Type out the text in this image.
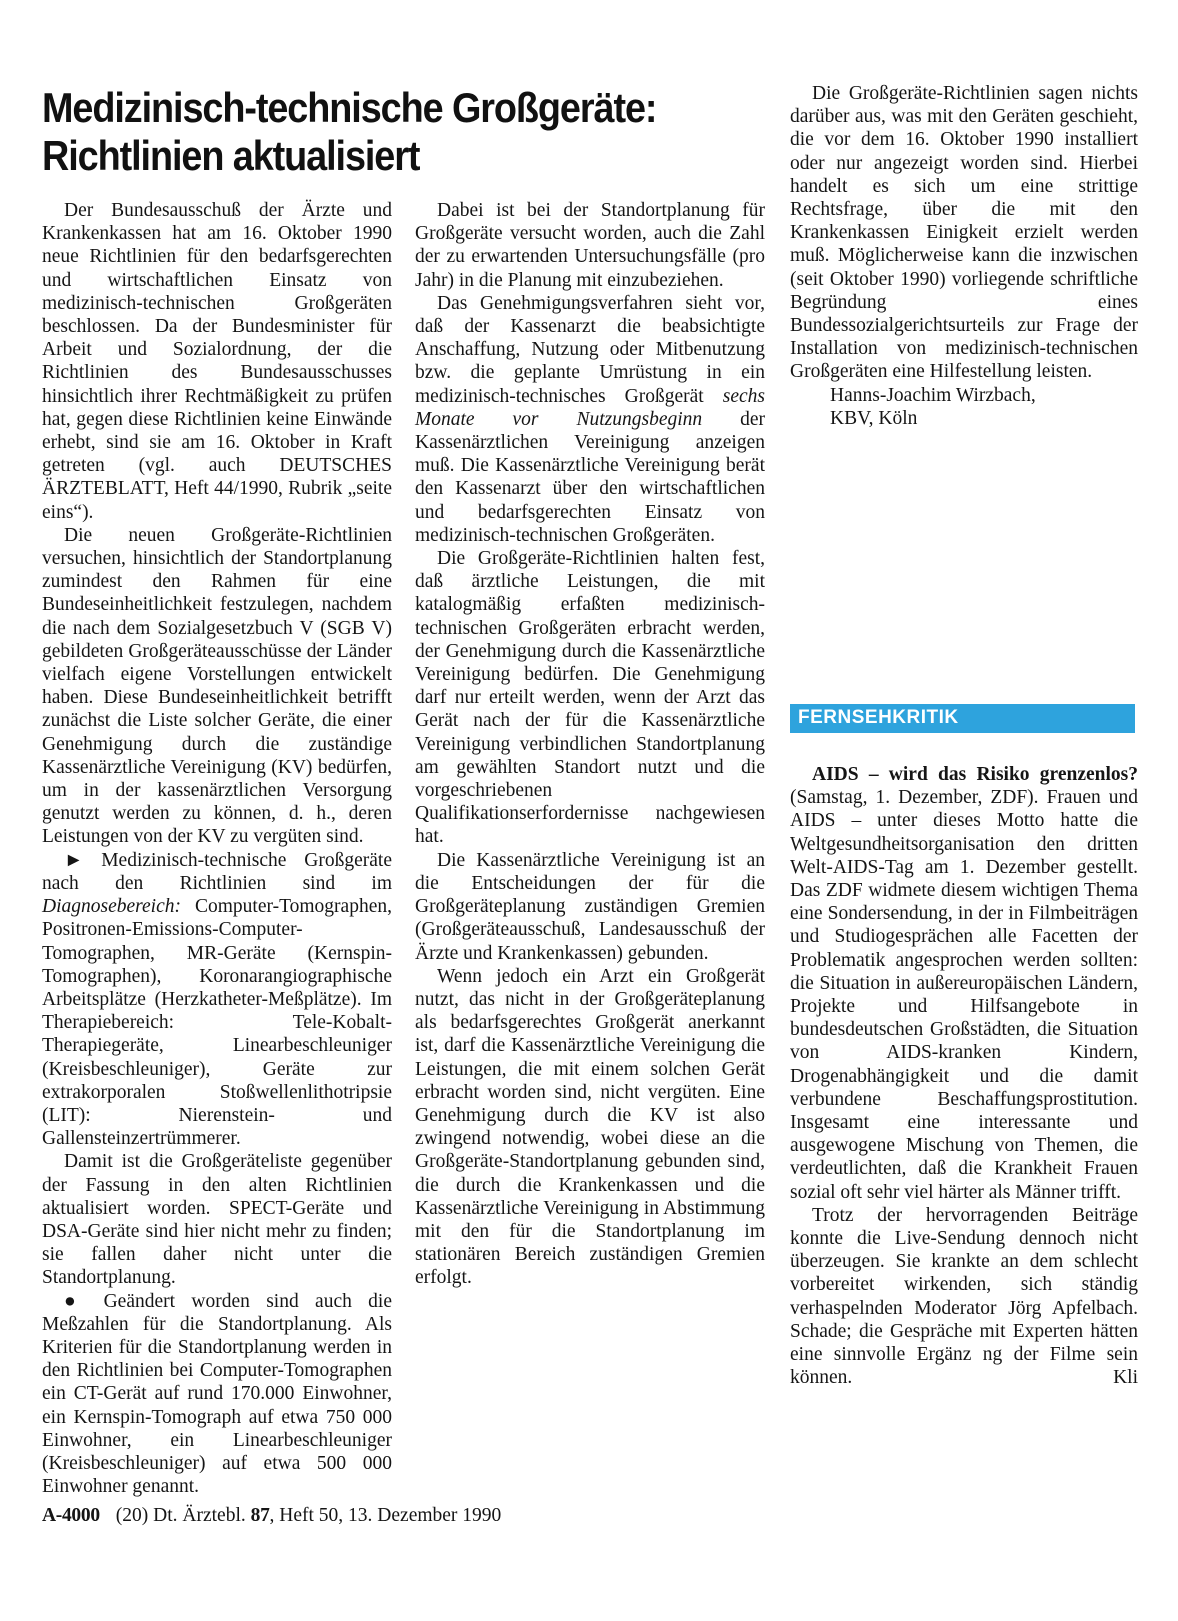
Medizinisch-technische Großgeräte:
Richtlinien aktualisiert

Der Bundesausschuß der Ärzte und Krankenkassen hat am 16. Oktober 1990 neue Richtlinien für den bedarfsgerechten und wirtschaftlichen Einsatz von medizinisch-technischen Großgeräten beschlossen. Da der Bundesminister für Arbeit und Sozialordnung, der die Richtlinien des Bundesausschusses hinsichtlich ihrer Rechtmäßigkeit zu prüfen hat, gegen diese Richtlinien keine Einwände erhebt, sind sie am 16. Oktober in Kraft getreten (vgl. auch DEUTSCHES ÄRZTEBLATT, Heft 44/1990, Rubrik „seite eins“).

Die neuen Großgeräte-Richtlinien versuchen, hinsichtlich der Standortplanung zumindest den Rahmen für eine Bundeseinheitlichkeit festzulegen, nachdem die nach dem Sozialgesetzbuch V (SGB V) gebildeten Großgeräteausschüsse der Länder vielfach eigene Vorstellungen entwickelt haben. Diese Bundeseinheitlichkeit betrifft zunächst die Liste solcher Geräte, die einer Genehmigung durch die zuständige Kassenärztliche Vereinigung (KV) bedürfen, um in der kassenärztlichen Versorgung genutzt werden zu können, d. h., deren Leistungen von der KV zu vergüten sind.

► Medizinisch-technische Großgeräte nach den Richtlinien sind im Diagnosebereich: Computer-Tomographen, Positronen-Emissions-Computer-Tomographen, MR-Geräte (Kernspin-Tomographen), Koronarangiographische Arbeitsplätze (Herzkatheter-Meßplätze). Im Therapiebereich: Tele-Kobalt-Therapiegeräte, Linearbeschleuniger (Kreisbeschleuniger), Geräte zur extrakorporalen Stoßwellenlithotripsie (LIT): Nierenstein- und Gallensteinzertrümmerer.

Damit ist die Großgeräteliste gegenüber der Fassung in den alten Richtlinien aktualisiert worden. SPECT-Geräte und DSA-Geräte sind hier nicht mehr zu finden; sie fallen daher nicht unter die Standortplanung.

● Geändert worden sind auch die Meßzahlen für die Standortplanung. Als Kriterien für die Standortplanung werden in den Richtlinien bei Computer-Tomographen ein CT-Gerät auf rund 170.000 Einwohner, ein Kernspin-Tomograph auf etwa 750 000 Einwohner, ein Linearbeschleuniger (Kreisbeschleuniger) auf etwa 500 000 Einwohner genannt.

Dabei ist bei der Standortplanung für Großgeräte versucht worden, auch die Zahl der zu erwartenden Untersuchungsfälle (pro Jahr) in die Planung mit einzubeziehen.

Das Genehmigungsverfahren sieht vor, daß der Kassenarzt die beabsichtigte Anschaffung, Nutzung oder Mitbenutzung bzw. die geplante Umrüstung in ein medizinisch-technisches Großgerät sechs Monate vor Nutzungsbeginn der Kassenärztlichen Vereinigung anzeigen muß. Die Kassenärztliche Vereinigung berät den Kassenarzt über den wirtschaftlichen und bedarfsgerechten Einsatz von medizinisch-technischen Großgeräten.

Die Großgeräte-Richtlinien halten fest, daß ärztliche Leistungen, die mit katalogmäßig erfaßten medizinisch-technischen Großgeräten erbracht werden, der Genehmigung durch die Kassenärztliche Vereinigung bedürfen. Die Genehmigung darf nur erteilt werden, wenn der Arzt das Gerät nach der für die Kassenärztliche Vereinigung verbindlichen Standortplanung am gewählten Standort nutzt und die vorgeschriebenen Qualifikationserfordernisse nachgewiesen hat.

Die Kassenärztliche Vereinigung ist an die Entscheidungen der für die Großgeräteplanung zuständigen Gremien (Großgeräteausschuß, Landesausschuß der Ärzte und Krankenkassen) gebunden.

Wenn jedoch ein Arzt ein Großgerät nutzt, das nicht in der Großgeräteplanung als bedarfsgerechtes Großgerät anerkannt ist, darf die Kassenärztliche Vereinigung die Leistungen, die mit einem solchen Gerät erbracht worden sind, nicht vergüten. Eine Genehmigung durch die KV ist also zwingend notwendig, wobei diese an die Großgeräte-Standortplanung gebunden sind, die durch die Krankenkassen und die Kassenärztliche Vereinigung in Abstimmung mit den für die Standortplanung im stationären Bereich zuständigen Gremien erfolgt.

Die Großgeräte-Richtlinien sagen nichts darüber aus, was mit den Geräten geschieht, die vor dem 16. Oktober 1990 installiert oder nur angezeigt worden sind. Hierbei handelt es sich um eine strittige Rechtsfrage, über die mit den Krankenkassen Einigkeit erzielt werden muß. Möglicherweise kann die inzwischen (seit Oktober 1990) vorliegende schriftliche Begründung eines Bundessozialgerichtsurteils zur Frage der Installation von medizinisch-technischen Großgeräten eine Hilfestellung leisten.

Hanns-Joachim Wirzbach,

KBV, Köln

FERNSEHKRITIK

AIDS – wird das Risiko grenzenlos? (Samstag, 1. Dezember, ZDF). Frauen und AIDS – unter dieses Motto hatte die Weltgesundheitsorganisation den dritten Welt-AIDS-Tag am 1. Dezember gestellt. Das ZDF widmete diesem wichtigen Thema eine Sondersendung, in der in Filmbeiträgen und Studiogesprächen alle Facetten der Problematik angesprochen werden sollten: die Situation in außereuropäischen Ländern, Projekte und Hilfsangebote in bundesdeutschen Großstädten, die Situation von AIDS-kranken Kindern, Drogenabhängigkeit und die damit verbundene Beschaffungsprostitution. Insgesamt eine interessante und ausgewogene Mischung von Themen, die verdeutlichten, daß die Krankheit Frauen sozial oft sehr viel härter als Männer trifft.

Trotz der hervorragenden Beiträge konnte die Live-Sendung dennoch nicht überzeugen. Sie krankte an dem schlecht vorbereitet wirkenden, sich ständig verhaspelnden Moderator Jörg Apfelbach. Schade; die Gespräche mit Experten hätten eine sinnvolle Ergänz ng der Filme sein können.	Kli

A-4000 (20) Dt. Ärztebl. 87, Heft 50, 13. Dezember 1990
